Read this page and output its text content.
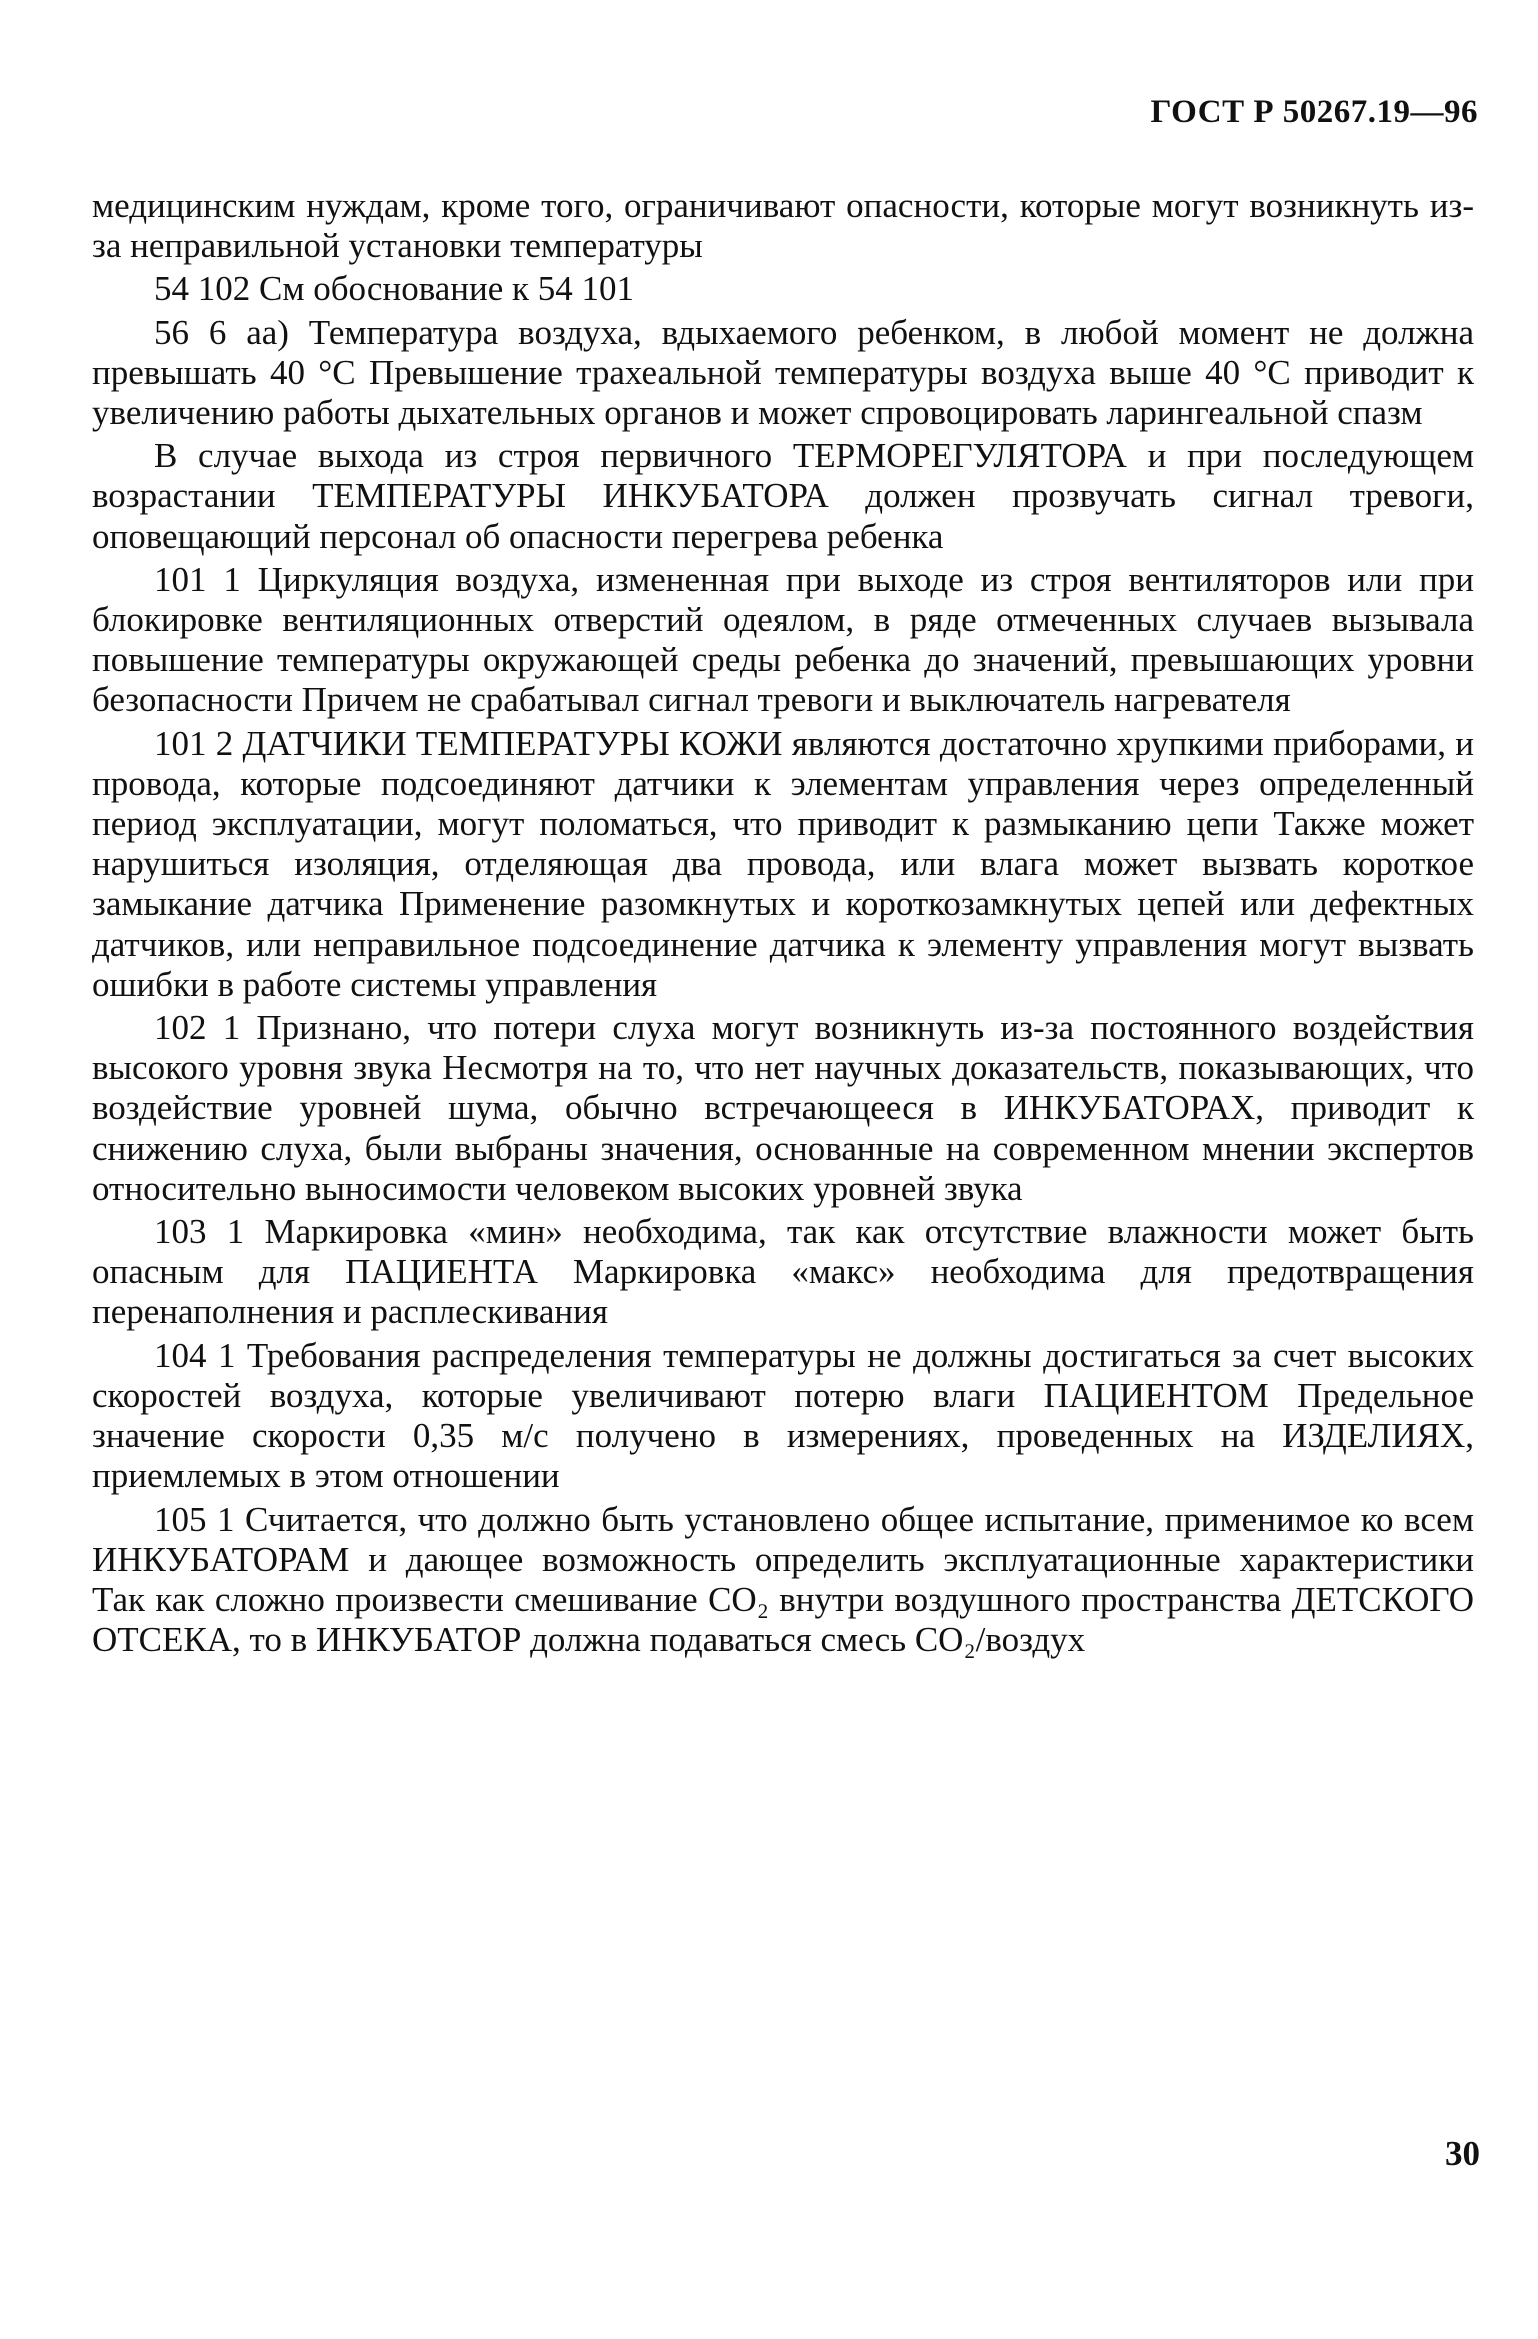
ГОСТ Р 50267.19—96

медицинским нуждам, кроме того, ограничивают опасности, которые могут возникнуть из-за неправильной установки температуры

54 102 См обоснование к 54 101

56 6 аа) Температура воздуха, вдыхаемого ребенком, в любой момент не должна превышать 40 °С Превышение трахеальной температуры воздуха выше 40 °С приводит к увеличению работы дыхательных органов и может спровоцировать ларингеальной спазм

В случае выхода из строя первичного ТЕРМОРЕГУЛЯТОРА и при последующем возрастании ТЕМПЕРАТУРЫ ИНКУБАТОРА должен прозвучать сигнал тревоги, оповещающий персонал об опасности перегрева ребенка

101 1 Циркуляция воздуха, измененная при выходе из строя вентиляторов или при блокировке вентиляционных отверстий одеялом, в ряде отмеченных случаев вызывала повышение температуры окружающей среды ребенка до значений, превышающих уровни безопасности Причем не срабатывал сигнал тревоги и выключатель нагревателя

101 2 ДАТЧИКИ ТЕМПЕРАТУРЫ КОЖИ являются достаточно хрупкими приборами, и провода, которые подсоединяют датчики к элементам управления через определенный период эксплуатации, могут поломаться, что приводит к размыканию цепи Также может нарушиться изоляция, отделяющая два провода, или влага может вызвать короткое замыкание датчика Применение разомкнутых и короткозамкнутых цепей или дефектных датчиков, или неправильное подсоединение датчика к элементу управления могут вызвать ошибки в работе системы управления

102 1 Признано, что потери слуха могут возникнуть из-за постоянного воздействия высокого уровня звука Несмотря на то, что нет научных доказательств, показывающих, что воздействие уровней шума, обычно встречающееся в ИНКУБАТОРАХ, приводит к снижению слуха, были выбраны значения, основанные на современном мнении экспертов относительно выносимости человеком высоких уровней звука

103 1 Маркировка «мин» необходима, так как отсутствие влажности может быть опасным для ПАЦИЕНТА Маркировка «макс» необходима для предотвращения перенаполнения и расплескивания

104 1 Требования распределения температуры не должны достигаться за счет высоких скоростей воздуха, которые увеличивают потерю влаги ПАЦИЕНТОМ Предельное значение скорости 0,35 м/с получено в измерениях, проведенных на ИЗДЕЛИЯХ, приемлемых в этом отношении

105 1 Считается, что должно быть установлено общее испытание, применимое ко всем ИНКУБАТОРАМ и дающее возможность определить эксплуатационные характеристики Так как сложно произвести смешивание CO₂ внутри воздушного пространства ДЕТСКОГО ОТСЕКА, то в ИНКУБАТОР должна подаваться смесь CO₂/воздух

30
